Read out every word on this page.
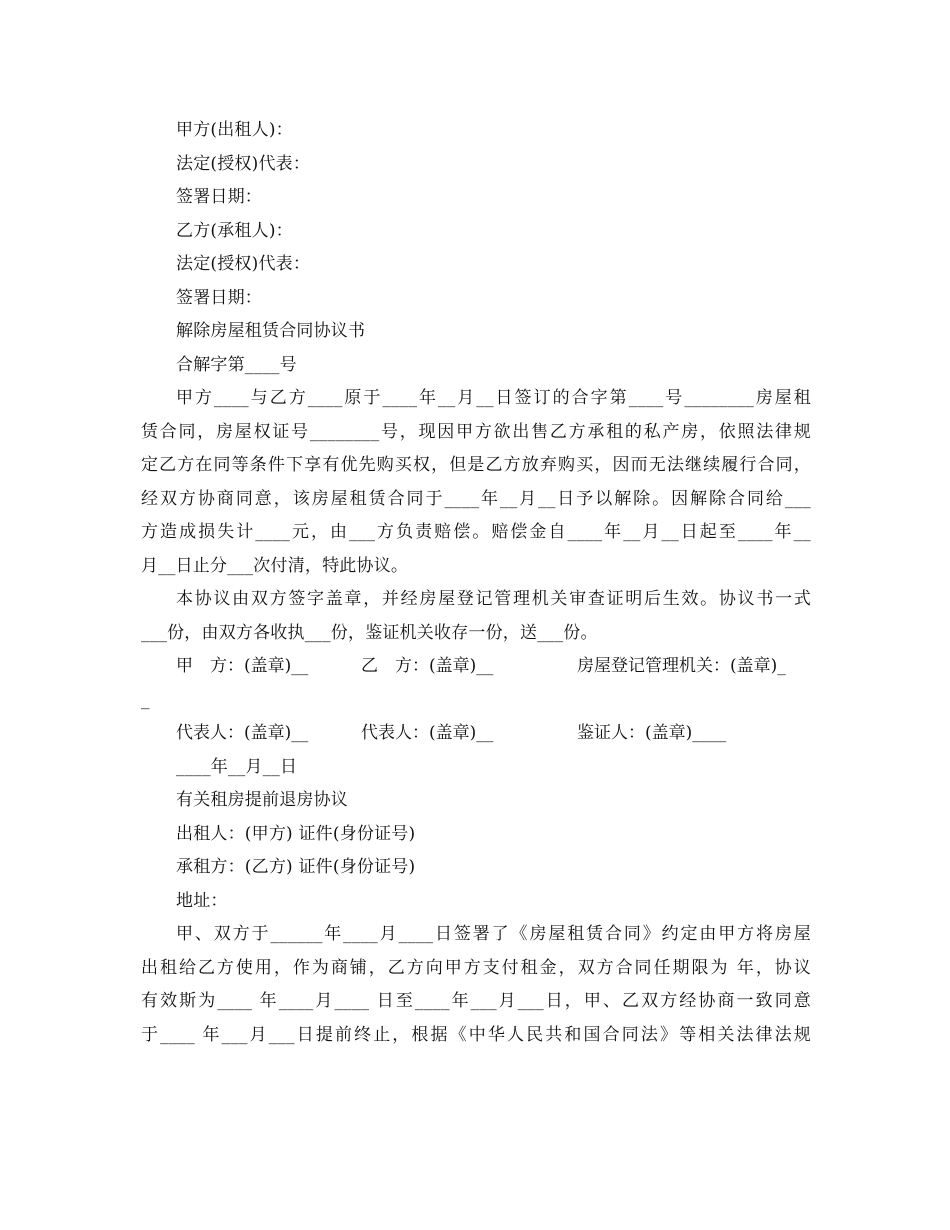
甲方(出租人)：
法定(授权)代表：
签署日期：
乙方(承租人)：
法定(授权)代表：
签署日期：
解除房屋租赁合同协议书
合解字第____号
甲方____与乙方____原于____年__月__日签订的合字第____号________房屋租
赁合同，房屋权证号________号，现因甲方欲出售乙方承租的私产房，依照法律规
定乙方在同等条件下享有优先购买权，但是乙方放弃购买，因而无法继续履行合同，
经双方协商同意，该房屋租赁合同于____年__月__日予以解除。因解除合同给___
方造成损失计____元，由___方负责赔偿。赔偿金自____年__月__日起至____年__
月__日止分___次付清，特此协议。
本协议由双方签字盖章，并经房屋登记管理机关审查证明后生效。协议书一式
___份，由双方各收执___份，鉴证机关收存一份，送___份。
甲　方：(盖章)__	乙　方：(盖章)__	房屋登记管理机关：(盖章)_
_
代表人：(盖章)__	代表人：(盖章)__	鉴证人：(盖章)____
____年__月__日
有关租房提前退房协议
出租人：(甲方) 证件(身份证号)
承租方：(乙方) 证件(身份证号)
地址：
甲、双方于______年____月____日签署了《房屋租赁合同》约定由甲方将房屋
出租给乙方使用，作为商铺，乙方向甲方支付租金，双方合同任期限为 年，协议
有效斯为____ 年____月____ 日至____年___月___日，甲、乙双方经协商一致同意
于____ 年___月___日提前终止，根据《中华人民共和国合同法》等相关法律法规
